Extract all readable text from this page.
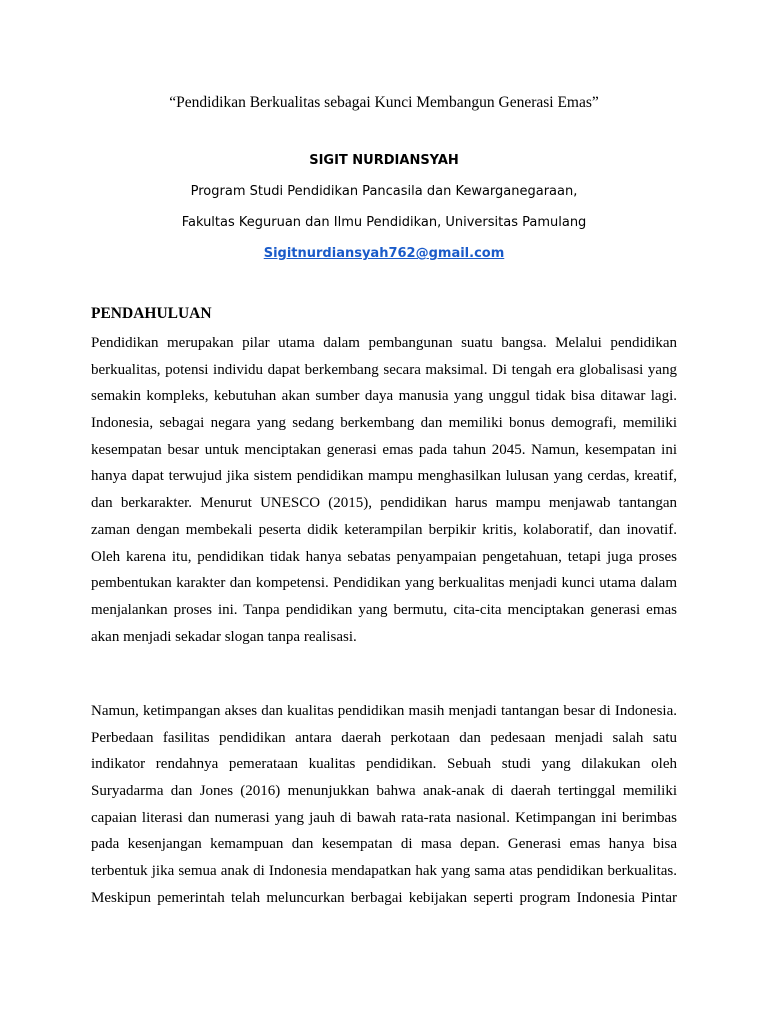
“Pendidikan Berkualitas sebagai Kunci Membangun Generasi Emas”
SIGIT NURDIANSYAH
Program Studi Pendidikan Pancasila dan Kewarganegaraan,
Fakultas Keguruan dan Ilmu Pendidikan, Universitas Pamulang
Sigitnurdiansyah762@gmail.com
PENDAHULUAN
Pendidikan merupakan pilar utama dalam pembangunan suatu bangsa. Melalui pendidikan
berkualitas, potensi individu dapat berkembang secara maksimal. Di tengah era globalisasi yang
semakin kompleks, kebutuhan akan sumber daya manusia yang unggul tidak bisa ditawar lagi.
Indonesia, sebagai negara yang sedang berkembang dan memiliki bonus demografi, memiliki
kesempatan besar untuk menciptakan generasi emas pada tahun 2045. Namun, kesempatan ini
hanya dapat terwujud jika sistem pendidikan mampu menghasilkan lulusan yang cerdas, kreatif,
dan berkarakter. Menurut UNESCO (2015), pendidikan harus mampu menjawab tantangan
zaman dengan membekali peserta didik keterampilan berpikir kritis, kolaboratif, dan inovatif.
Oleh karena itu, pendidikan tidak hanya sebatas penyampaian pengetahuan, tetapi juga proses
pembentukan karakter dan kompetensi. Pendidikan yang berkualitas menjadi kunci utama dalam
menjalankan proses ini. Tanpa pendidikan yang bermutu, cita-cita menciptakan generasi emas
akan menjadi sekadar slogan tanpa realisasi.
Namun, ketimpangan akses dan kualitas pendidikan masih menjadi tantangan besar di Indonesia.
Perbedaan fasilitas pendidikan antara daerah perkotaan dan pedesaan menjadi salah satu
indikator rendahnya pemerataan kualitas pendidikan. Sebuah studi yang dilakukan oleh
Suryadarma dan Jones (2016) menunjukkan bahwa anak-anak di daerah tertinggal memiliki
capaian literasi dan numerasi yang jauh di bawah rata-rata nasional. Ketimpangan ini berimbas
pada kesenjangan kemampuan dan kesempatan di masa depan. Generasi emas hanya bisa
terbentuk jika semua anak di Indonesia mendapatkan hak yang sama atas pendidikan berkualitas.
Meskipun pemerintah telah meluncurkan berbagai kebijakan seperti program Indonesia Pintar
